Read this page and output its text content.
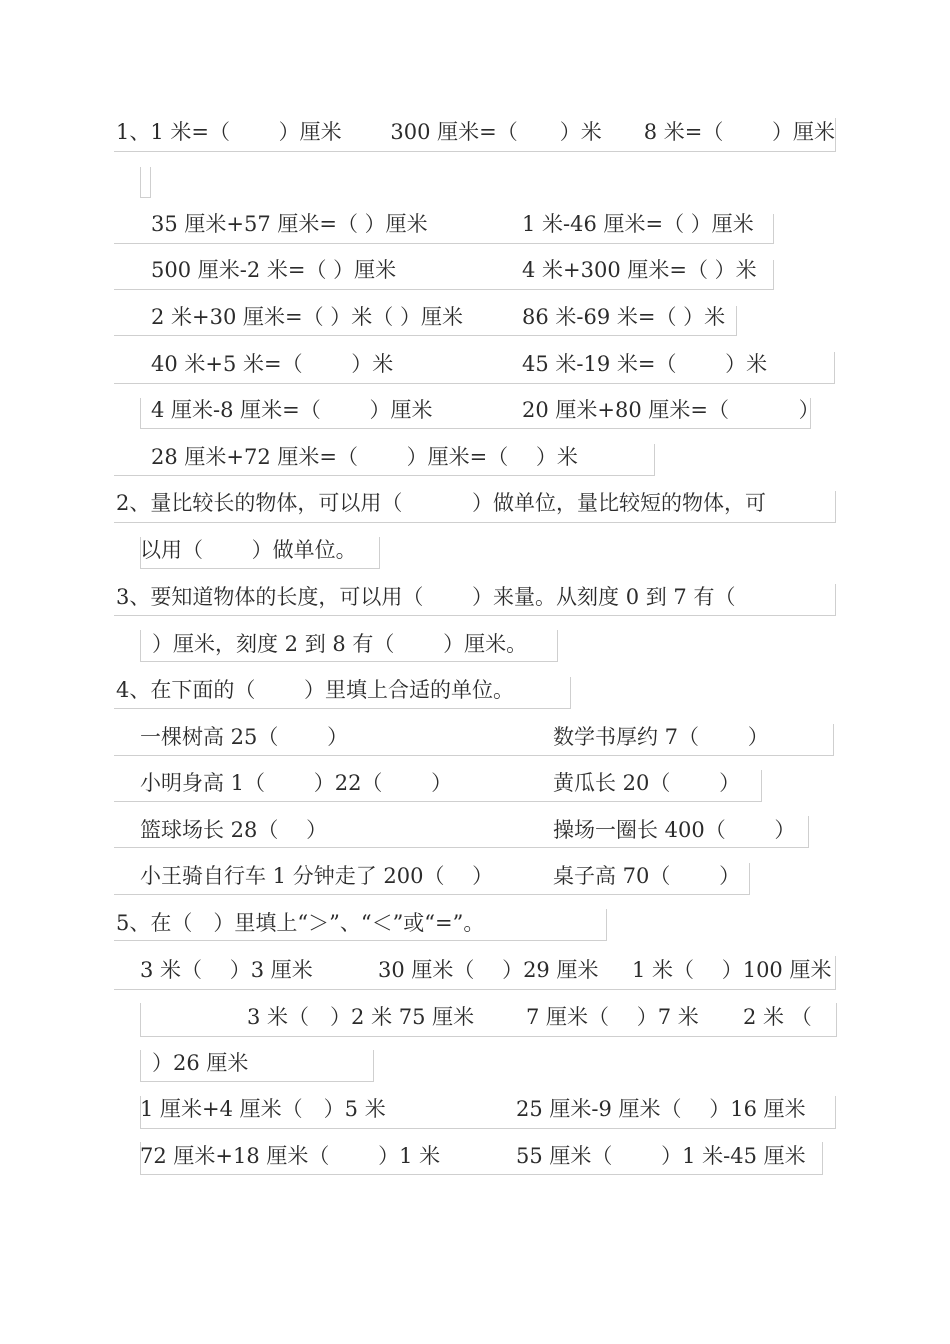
1、1 米=（　　 ）厘米　　 300 厘米=（　　）米　　8 米=（　　 ）厘米
35 厘米+57 厘米=（ ）厘米	1 米-46 厘米=（ ）厘米
500 厘米-2 米=（ ）厘米	4 米+300 厘米=（ ）米
2 米+30 厘米=（ ）米（ ）厘米	86 米-69 米=（ ）米
40 米+5 米=（　　 ）米	45 米-19 米=（　　 ）米
4 厘米-8 厘米=（　　 ）厘米	20 厘米+80 厘米=（　　　 ）
28 厘米+72 厘米=（　　 ）厘米=（　 ）米
2、量比较长的物体，可以用（　　　 ）做单位，量比较短的物体，可
以用（　　 ）做单位。
3、要知道物体的长度，可以用（　　 ）来量。从刻度 0 到 7 有（
）厘米，刻度 2 到 8 有（　　 ）厘米。
4、在下面的（　　 ）里填上合适的单位。
一棵树高 25（　　 ）	数学书厚约 7（　　 ）
小明身高 1（　　 ）22（　　 ）	黄瓜长 20（　　 ）
篮球场长 28（　 ）	操场一圈长 400（　　 ）
小王骑自行车 1 分钟走了 200（　 ）	桌子高 70（　　 ）
5、在（　）里填上“＞”、“＜”或“=”。
3 米（　 ）3 厘米	30 厘米（　 ）29 厘米 1 米（　 ）100 厘米
3 米（　）2 米 75 厘米 7 厘米（　 ）7 米 2 米 （
）26 厘米
1 厘米+4 厘米（　）5 米	25 厘米-9 厘米（　 ）16 厘米
72 厘米+18 厘米（　　 ）1 米	55 厘米（　　 ）1 米-45 厘米
